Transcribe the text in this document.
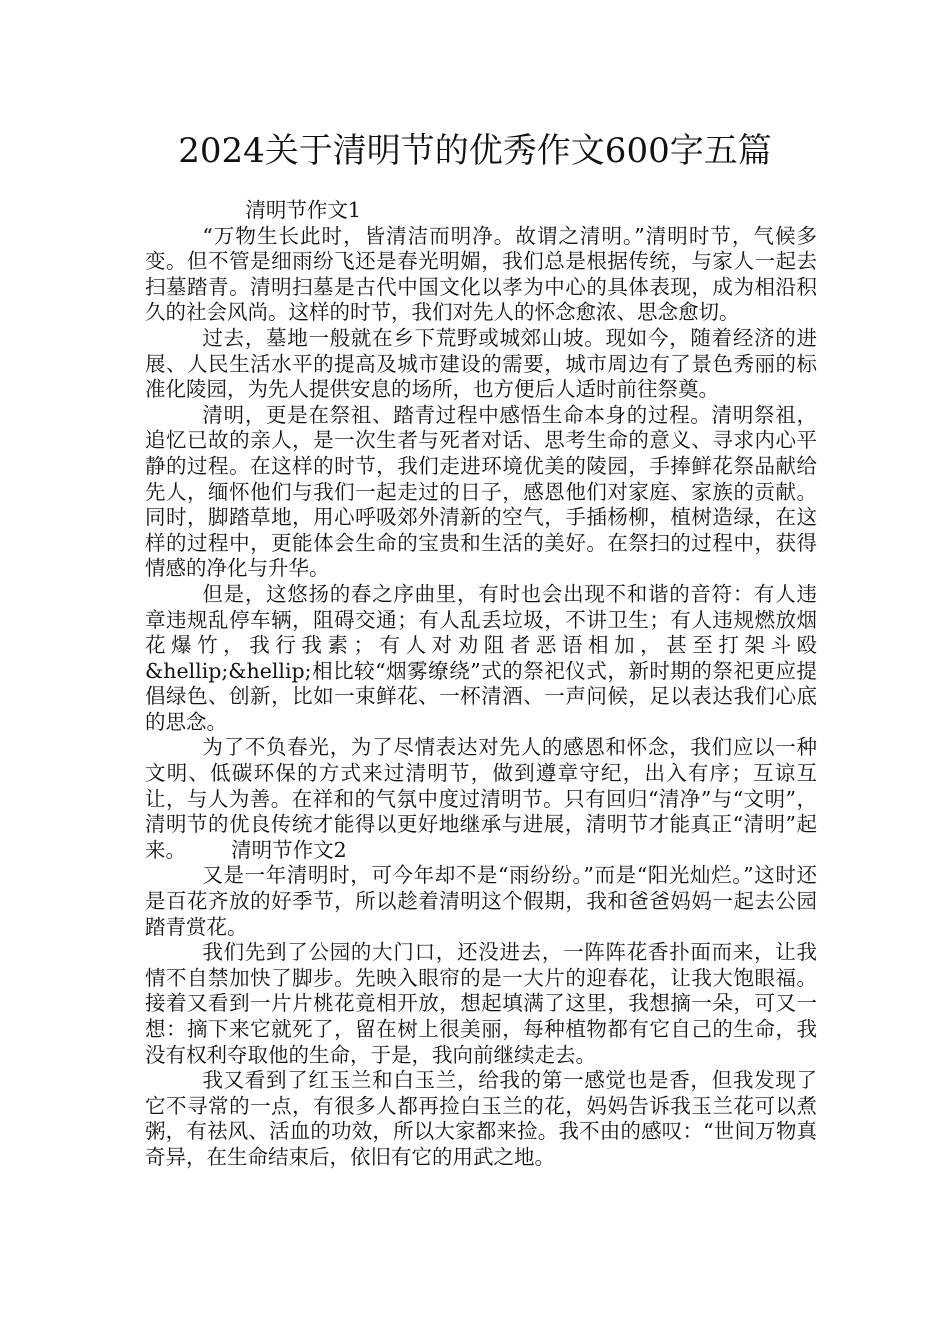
2024关于清明节的优秀作文600字五篇

清明节作文1

“万物生长此时，皆清洁而明净。故谓之清明。”清明时节，气候多变。但不管是细雨纷飞还是春光明媚，我们总是根据传统，与家人一起去扫墓踏青。清明扫墓是古代中国文化以孝为中心的具体表现，成为相沿积久的社会风尚。这样的时节，我们对先人的怀念愈浓、思念愈切。

过去，墓地一般就在乡下荒野或城郊山坡。现如今，随着经济的进展、人民生活水平的提高及城市建设的需要，城市周边有了景色秀丽的标准化陵园，为先人提供安息的场所，也方便后人适时前往祭奠。

清明，更是在祭祖、踏青过程中感悟生命本身的过程。清明祭祖，追忆已故的亲人，是一次生者与死者对话、思考生命的意义、寻求内心平静的过程。在这样的时节，我们走进环境优美的陵园，手捧鲜花祭品献给先人，缅怀他们与我们一起走过的日子，感恩他们对家庭、家族的贡献。同时，脚踏草地，用心呼吸郊外清新的空气，手插杨柳，植树造绿，在这样的过程中，更能体会生命的宝贵和生活的美好。在祭扫的过程中，获得情感的净化与升华。

但是，这悠扬的春之序曲里，有时也会出现不和谐的音符：有人违章违规乱停车辆，阻碍交通；有人乱丢垃圾，不讲卫生；有人违规燃放烟花爆竹，我行我素；有人对劝阻者恶语相加，甚至打架斗殴&hellip;&hellip;相比较“烟雾缭绕”式的祭祀仪式，新时期的祭祀更应提倡绿色、创新，比如一束鲜花、一杯清酒、一声问候，足以表达我们心底的思念。

为了不负春光，为了尽情表达对先人的感恩和怀念，我们应以一种文明、低碳环保的方式来过清明节，做到遵章守纪，出入有序；互谅互让，与人为善。在祥和的气氛中度过清明节。只有回归“清净”与“文明”，清明节的优良传统才能得以更好地继承与进展，清明节才能真正“清明”起来。 清明节作文2

又是一年清明时，可今年却不是“雨纷纷。”而是“阳光灿烂。”这时还是百花齐放的好季节，所以趁着清明这个假期，我和爸爸妈妈一起去公园踏青赏花。

我们先到了公园的大门口，还没进去，一阵阵花香扑面而来，让我情不自禁加快了脚步。先映入眼帘的是一大片的迎春花，让我大饱眼福。接着又看到一片片桃花竟相开放，想起填满了这里，我想摘一朵，可又一想：摘下来它就死了，留在树上很美丽，每种植物都有它自己的生命，我没有权利夺取他的生命，于是，我向前继续走去。

我又看到了红玉兰和白玉兰，给我的第一感觉也是香，但我发现了它不寻常的一点，有很多人都再捡白玉兰的花，妈妈告诉我玉兰花可以煮粥，有祛风、活血的功效，所以大家都来捡。我不由的感叹：“世间万物真奇异，在生命结束后，依旧有它的用武之地。
